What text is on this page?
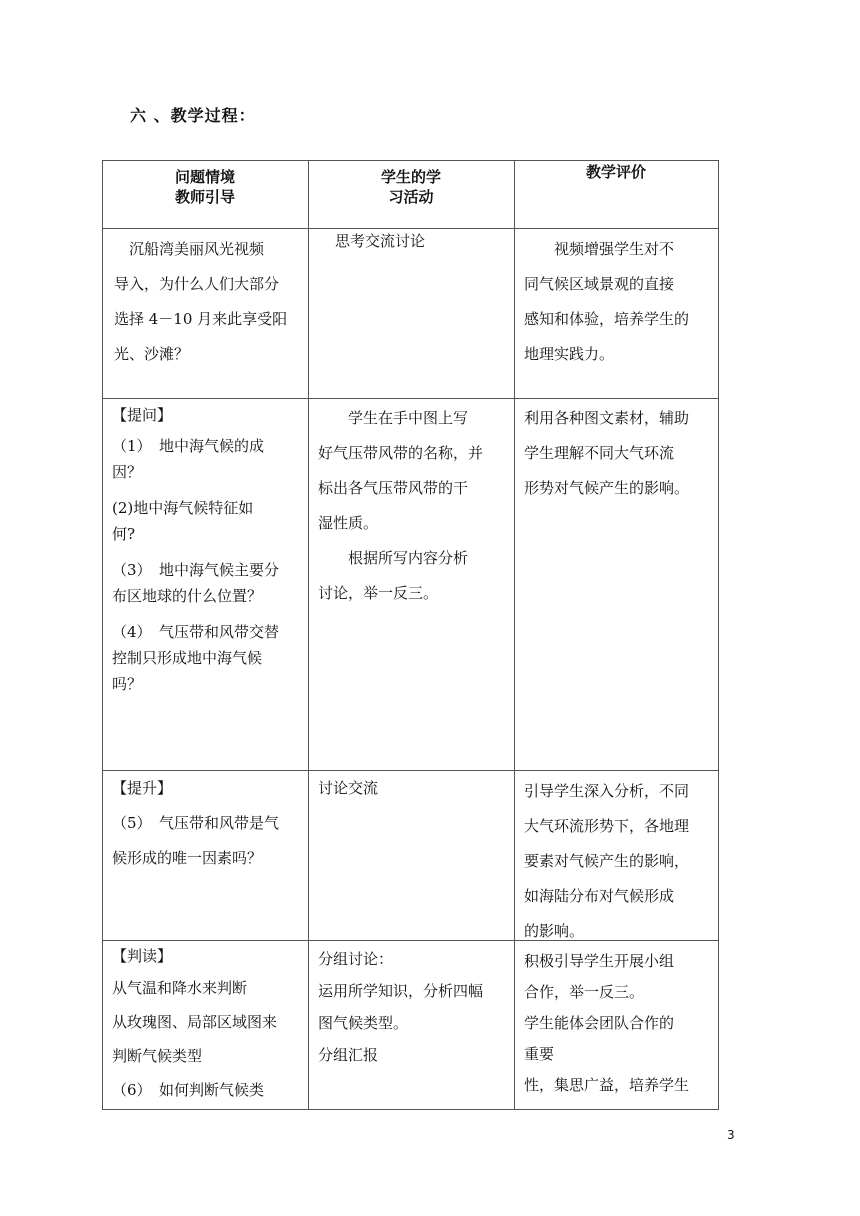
六 、教学过程：
问题情境
教师引导
学生的学
习活动
教学评价
　沉船湾美丽风光视频
导入，为什么人们大部分
选择 4－10 月来此享受阳
光、沙滩？
　思考交流讨论	　　视频增强学生对不
同气候区域景观的直接
感知和体验，培养学生的
地理实践力。
【提问】
（1）　地中海气候的成
因？
(2)地中海气候特征如
何?
（3）　地中海气候主要分
布区地球的什么位置？
（4）　气压带和风带交替
控制只形成地中海气候
吗？
　　学生在手中图上写
好气压带风带的名称，并
标出各气压带风带的干
湿性质。
　　根据所写内容分析
讨论，举一反三。
利用各种图文素材，辅助
学生理解不同大气环流
形势对气候产生的影响。
【提升】
（5）　气压带和风带是气
候形成的唯一因素吗？
讨论交流	引导学生深入分析，不同
大气环流形势下，各地理
要素对气候产生的影响，
如海陆分布对气候形成
的影响。
【判读】
从气温和降水来判断
从玫瑰图、局部区域图来
判断气候类型
（6）　如何判断气候类
分组讨论：
运用所学知识，分析四幅
图气候类型。
分组汇报
积极引导学生开展小组
合作，举一反三。
学生能体会团队合作的
重要
性，集思广益，培养学生
3
